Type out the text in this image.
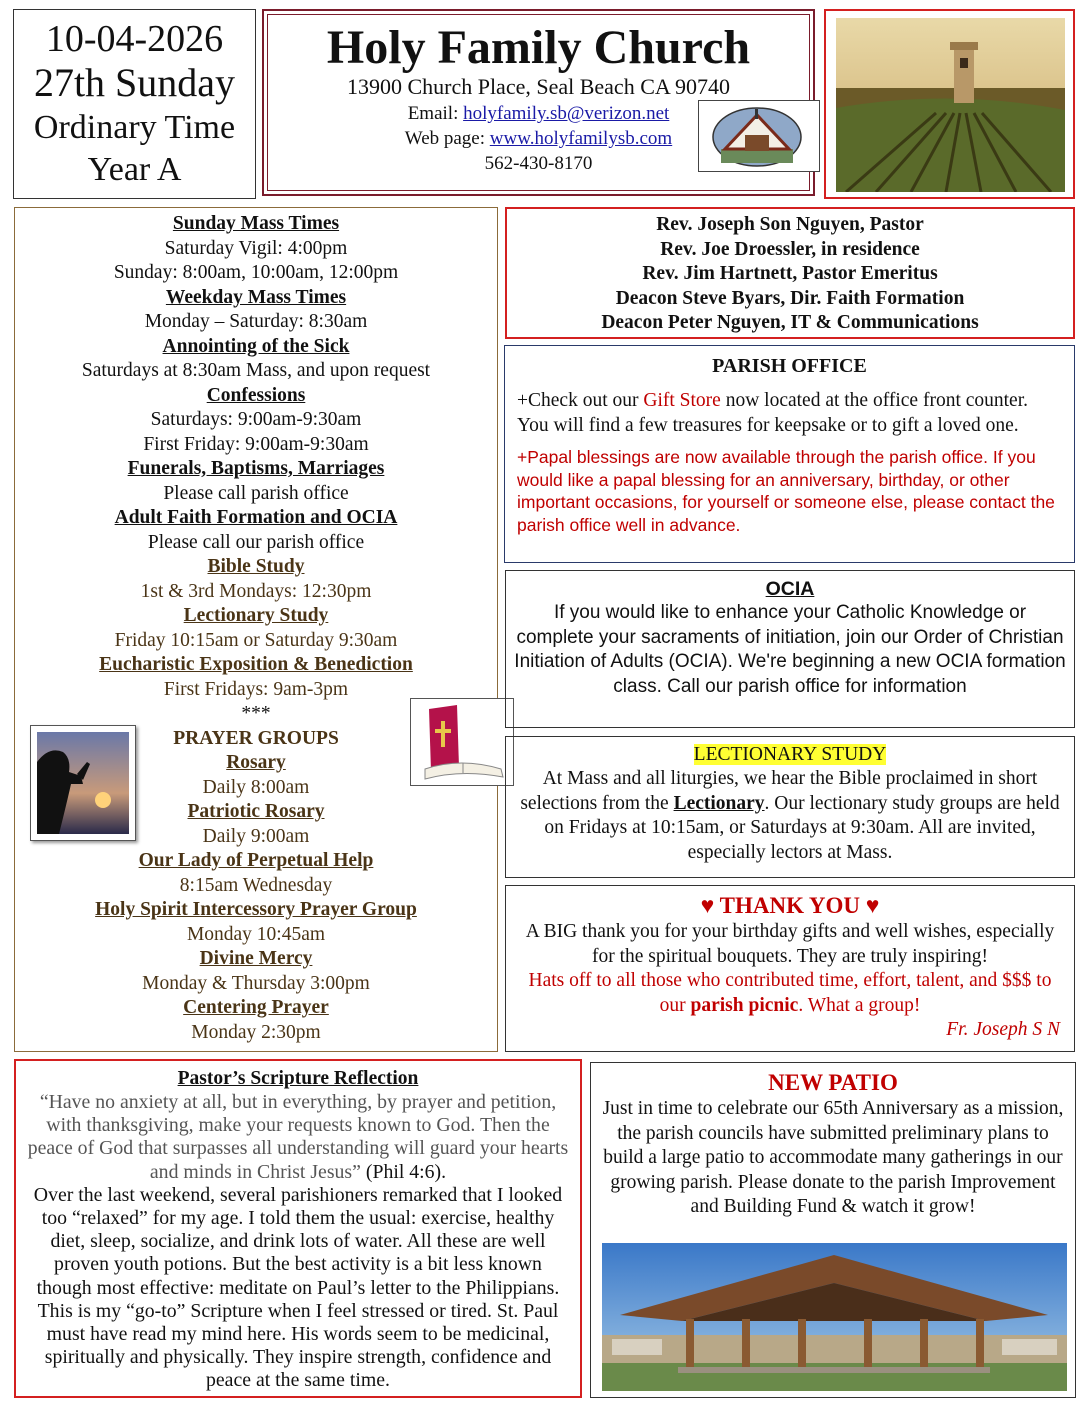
10-04-2026
27th Sunday
Ordinary Time
Year A
Holy Family Church
13900 Church Place, Seal Beach CA 90740
Email: holyfamily.sb@verizon.net
Web page: www.holyfamilysb.com
562-430-8170
Sunday Mass Times
Saturday Vigil: 4:00pm
Sunday: 8:00am, 10:00am, 12:00pm
Weekday Mass Times
Monday – Saturday: 8:30am
Annointing of the Sick
Saturdays at 8:30am Mass, and upon request
Confessions
Saturdays: 9:00am-9:30am
First Friday: 9:00am-9:30am
Funerals, Baptisms, Marriages
Please call parish office
Adult Faith Formation and OCIA
Please call our parish office
Bible Study
1st & 3rd Mondays: 12:30pm
Lectionary Study
Friday 10:15am or Saturday 9:30am
Eucharistic Exposition & Benediction
First Fridays: 9am-3pm
***
PRAYER GROUPS
Rosary
Daily 8:00am
Patriotic Rosary
Daily 9:00am
Our Lady of Perpetual Help
8:15am Wednesday
Holy Spirit Intercessory Prayer Group
Monday 10:45am
Divine Mercy
Monday & Thursday 3:00pm
Centering Prayer
Monday 2:30pm
Rev. Joseph Son Nguyen, Pastor
Rev. Joe Droessler, in residence
Rev. Jim Hartnett, Pastor Emeritus
Deacon Steve Byars, Dir. Faith Formation
Deacon Peter Nguyen, IT & Communications
PARISH OFFICE

+Check out our Gift Store now located at the office front counter. You will find a few treasures for keepsake or to gift a loved one.

+Papal blessings are now available through the parish office. If you would like a papal blessing for an anniversary, birthday, or other important occasions, for yourself or someone else, please contact the parish office well in advance.

OCIA

If you would like to enhance your Catholic Knowledge or complete your sacraments of initiation, join our Order of Christian Initiation of Adults (OCIA). We're beginning a new OCIA formation class. Call our parish office for information

LECTIONARY STUDY

At Mass and all liturgies, we hear the Bible proclaimed in short selections from the Lectionary. Our lectionary study groups are held on Fridays at 10:15am, or Saturdays at 9:30am. All are invited, especially lectors at Mass.

♥ THANK YOU ♥

A BIG thank you for your birthday gifts and well wishes, especially for the spiritual bouquets. They are truly inspiring!

Hats off to all those who contributed time, effort, talent, and $$$ to our parish picnic. What a group!

Fr. Joseph S N
Pastor’s Scripture Reflection

“Have no anxiety at all, but in everything, by prayer and petition, with thanksgiving, make your requests known to God. Then the peace of God that surpasses all understanding will guard your hearts and minds in Christ Jesus” (Phil 4:6).

Over the last weekend, several parishioners remarked that I looked too “relaxed” for my age. I told them the usual: exercise, healthy diet, sleep, socialize, and drink lots of water. All these are well proven youth potions. But the best activity is a bit less known though most effective: meditate on Paul’s letter to the Philippians. This is my “go-to” Scripture when I feel stressed or tired. St. Paul must have read my mind here. His words seem to be medicinal, spiritually and physically. They inspire strength, confidence and peace at the same time.

NEW PATIO

Just in time to celebrate our 65th Anniversary as a mission, the parish councils have submitted preliminary plans to build a large patio to accommodate many gatherings in our growing parish. Please donate to the parish Improvement and Building Fund & watch it grow!
